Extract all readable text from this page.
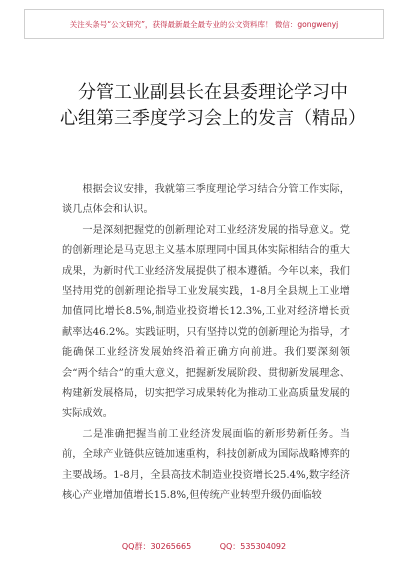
关注头条号“公文研究”，获得最新最全最专业的公文资料库！ 微信：gongwenyj
分管工业副县长在县委理论学习中心组第三季度学习会上的发言（精品）

根据会议安排，我就第三季度理论学习结合分管工作实际，谈几点体会和认识。

一是深刻把握党的创新理论对工业经济发展的指导意义。党的创新理论是马克思主义基本原理同中国具体实际相结合的重大成果，为新时代工业经济发展提供了根本遵循。今年以来，我们坚持用党的创新理论指导工业发展实践，1-8月全县规上工业增加值同比增长8.5%,制造业投资增长12.3%,工业对经济增长贡献率达46.2%。实践证明，只有坚持以党的创新理论为指导，才能确保工业经济发展始终沿着正确方向前进。我们要深刻领会“两个结合”的重大意义，把握新发展阶段、贯彻新发展理念、构建新发展格局，切实把学习成果转化为推动工业高质量发展的实际成效。

二是准确把握当前工业经济发展面临的新形势新任务。当前，全球产业链供应链加速重构，科技创新成为国际战略博弈的主要战场。1-8月，全县高技术制造业投资增长25.4%,数字经济核心产业增加值增长15.8%,但传统产业转型升级仍面临较

QQ群：30265665 QQ：535304092
